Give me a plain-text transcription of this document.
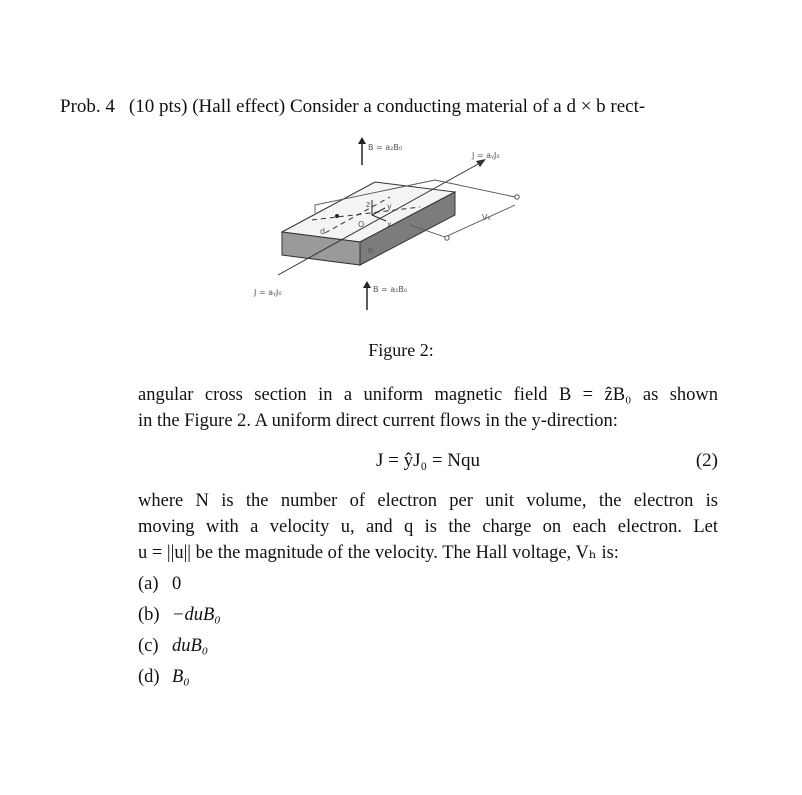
Prob. 4 (10 pts) (Hall effect) Consider a conducting material of a d × b rect-
z y
x
O
d
b
B = a₂B₀
B = a₂B₀
J = aᵧJ₀
J = aᵧJ₀
Vₕ
Figure 2:
angular cross section in a uniform magnetic field B = ẑB₀ as shown
in the Figure 2. A uniform direct current flows in the y-direction:
J = ŷJ₀ = Nqu	(2)
where N is the number of electron per unit volume, the electron is
moving with a velocity u, and q is the charge on each electron. Let
u = ||u|| be the magnitude of the velocity. The Hall voltage, Vₕ is:
(a) 0
(b) −duB₀
(c) duB₀
(d) B₀
